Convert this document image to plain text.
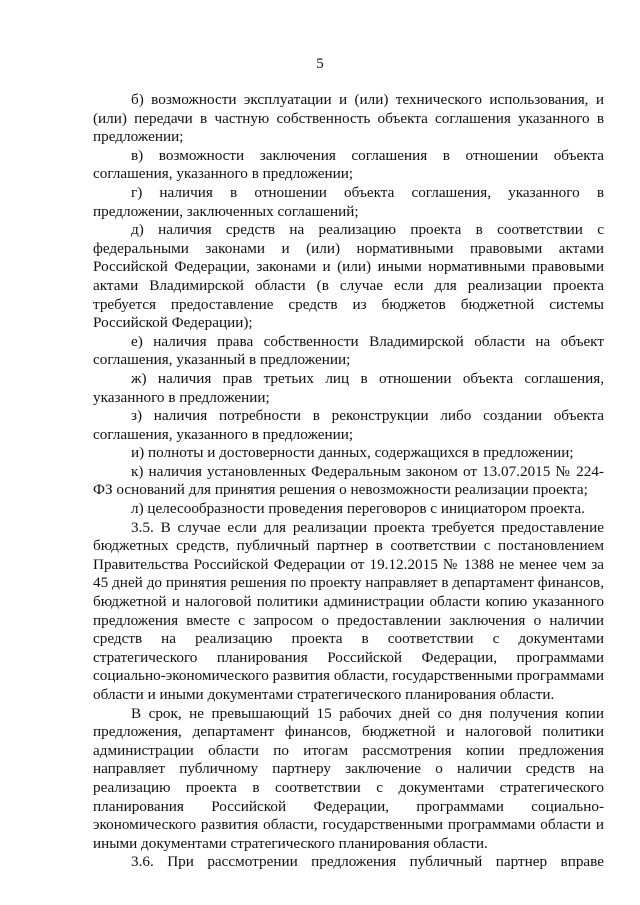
5

б) возможности эксплуатации и (или) технического использования, и (или) передачи в частную собственность объекта соглашения указанного в предложении;

в) возможности заключения соглашения в отношении объекта соглашения, указанного в предложении;

г) наличия в отношении объекта соглашения, указанного в предложении, заключенных соглашений;

д) наличия средств на реализацию проекта в соответствии с федеральными законами и (или) нормативными правовыми актами Российской Федерации, законами и (или) иными нормативными правовыми актами Владимирской области (в случае если для реализации проекта требуется предоставление средств из бюджетов бюджетной системы Российской Федерации);

е) наличия права собственности Владимирской области на объект соглашения, указанный в предложении;

ж) наличия прав третьих лиц в отношении объекта соглашения, указанного в предложении;

з) наличия потребности в реконструкции либо создании объекта соглашения, указанного в предложении;

и) полноты и достоверности данных, содержащихся в предложении;

к) наличия установленных Федеральным законом от 13.07.2015 № 224-ФЗ оснований для принятия решения о невозможности реализации проекта;

л) целесообразности проведения переговоров с инициатором проекта.

3.5. В случае если для реализации проекта требуется предоставление бюджетных средств, публичный партнер в соответствии с постановлением Правительства Российской Федерации от 19.12.2015 № 1388 не менее чем за 45 дней до принятия решения по проекту направляет в департамент финансов, бюджетной и налоговой политики администрации области копию указанного предложения вместе с запросом о предоставлении заключения о наличии средств на реализацию проекта в соответствии с документами стратегического планирования Российской Федерации, программами социально-экономического развития области, государственными программами области и иными документами стратегического планирования области.

В срок, не превышающий 15 рабочих дней со дня получения копии предложения, департамент финансов, бюджетной и налоговой политики администрации области по итогам рассмотрения копии предложения направляет публичному партнеру заключение о наличии средств на реализацию проекта в соответствии с документами стратегического планирования Российской Федерации, программами социально-экономического развития области, государственными программами области и иными документами стратегического планирования области.

3.6. При рассмотрении предложения публичный партнер вправе
